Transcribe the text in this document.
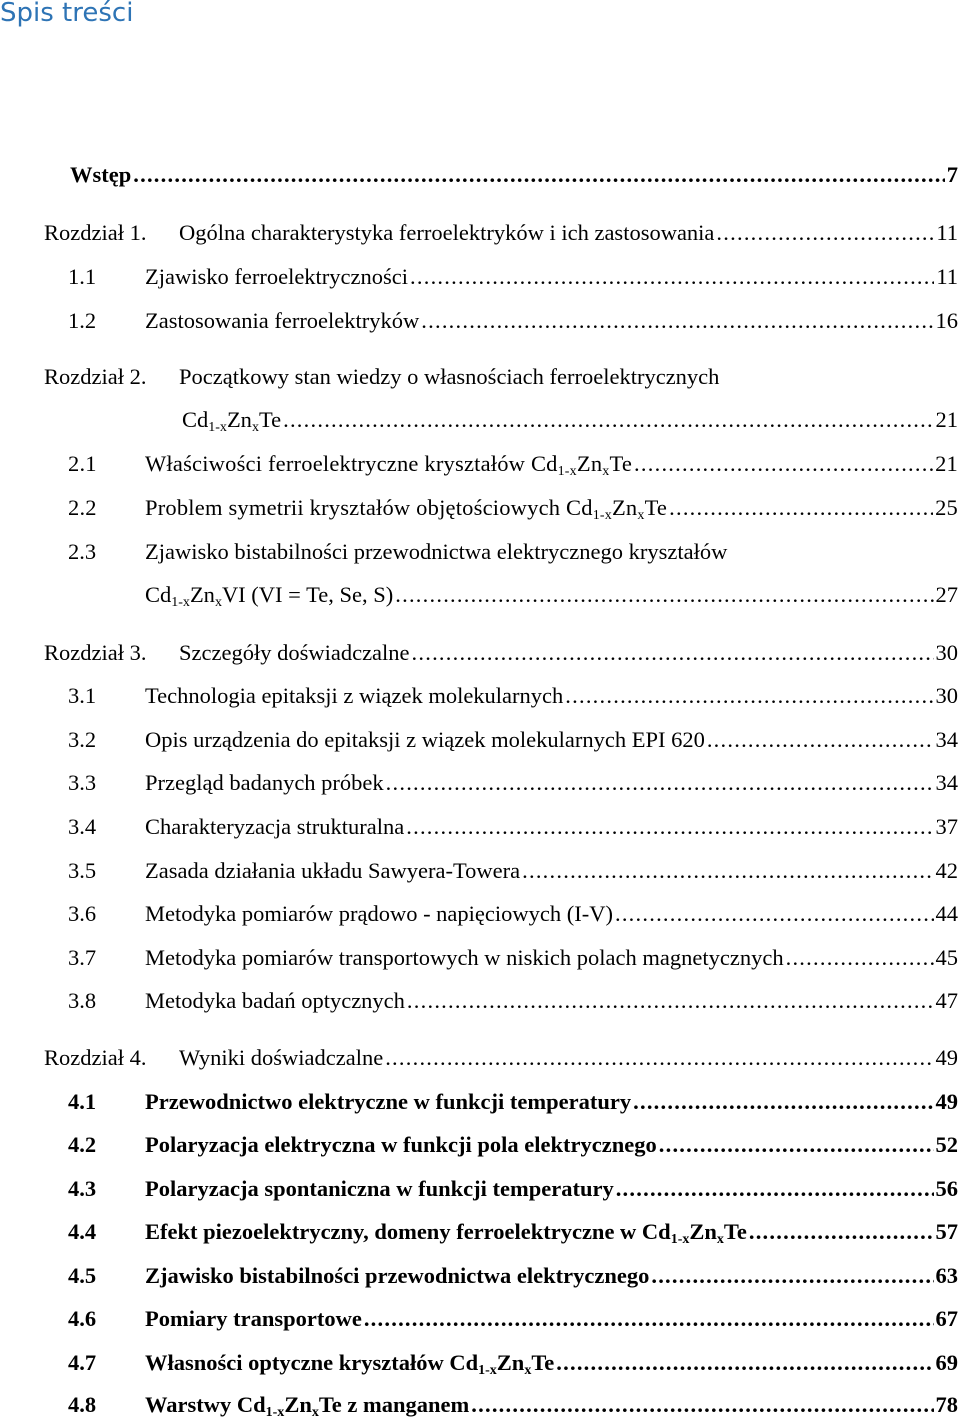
Spis treści
Wstęp . . .	7
Rozdział 1.	Ogólna charakterystyka ferroelektryków i ich zastosowania . . .	11
1.1	Zjawisko ferroelektryczności . . .	11
1.2	Zastosowania ferroelektryków . . .	16
Rozdział 2. Początkowy stan wiedzy o własnościach ferroelektrycznych
$Cd_{1-x}Zn_xTe$ . . .	21
2.1	Właściwości ferroelektryczne kryształów $Cd_{1-x}Zn_xTe$ . . .	21
2.2	Problem symetrii kryształów objętościowych $Cd_{1-x}Zn_xTe$ . . .	25
2.3 Zjawisko bistabilności przewodnictwa elektrycznego kryształów
$Cd_{1-x}Zn_xVI$ (VI = Te, Se, S) . . .	27
Rozdział 3.	Szczegóły doświadczalne . . .	30
3.1	Technologia epitaksji z wiązek molekularnych . . .	30
3.2	Opis urządzenia do epitaksji z wiązek molekularnych EPI 620 . . .	34
3.3	Przegląd badanych próbek . . .	34
3.4	Charakteryzacja strukturalna . . .	37
3.5	Zasada działania układu Sawyera-Towera . . .	42
3.6	Metodyka pomiarów prądowo - napięciowych (I-V) . . .	44
3.7	Metodyka pomiarów transportowych w niskich polach magnetycznych . . .	45
3.8	Metodyka badań optycznych . . .	47
Rozdział 4.	Wyniki doświadczalne . . .	49
4.1	Przewodnictwo elektryczne w funkcji temperatury . . .	49
4.2	Polaryzacja elektryczna w funkcji pola elektrycznego . . .	52
4.3	Polaryzacja spontaniczna w funkcji temperatury . . .	56
4.4	Efekt piezoelektryczny, domeny ferroelektryczne w $Cd_{1-x}Zn_xTe$ . . .	57
4.5	Zjawisko bistabilności przewodnictwa elektrycznego . . .	63
4.6	Pomiary transportowe . . .	67
4.7	Własności optyczne kryształów $Cd_{1-x}Zn_xTe$ . . .	69
4.8	Warstwy $Cd_{1-x}Zn_xTe$ z manganem . . .	78
